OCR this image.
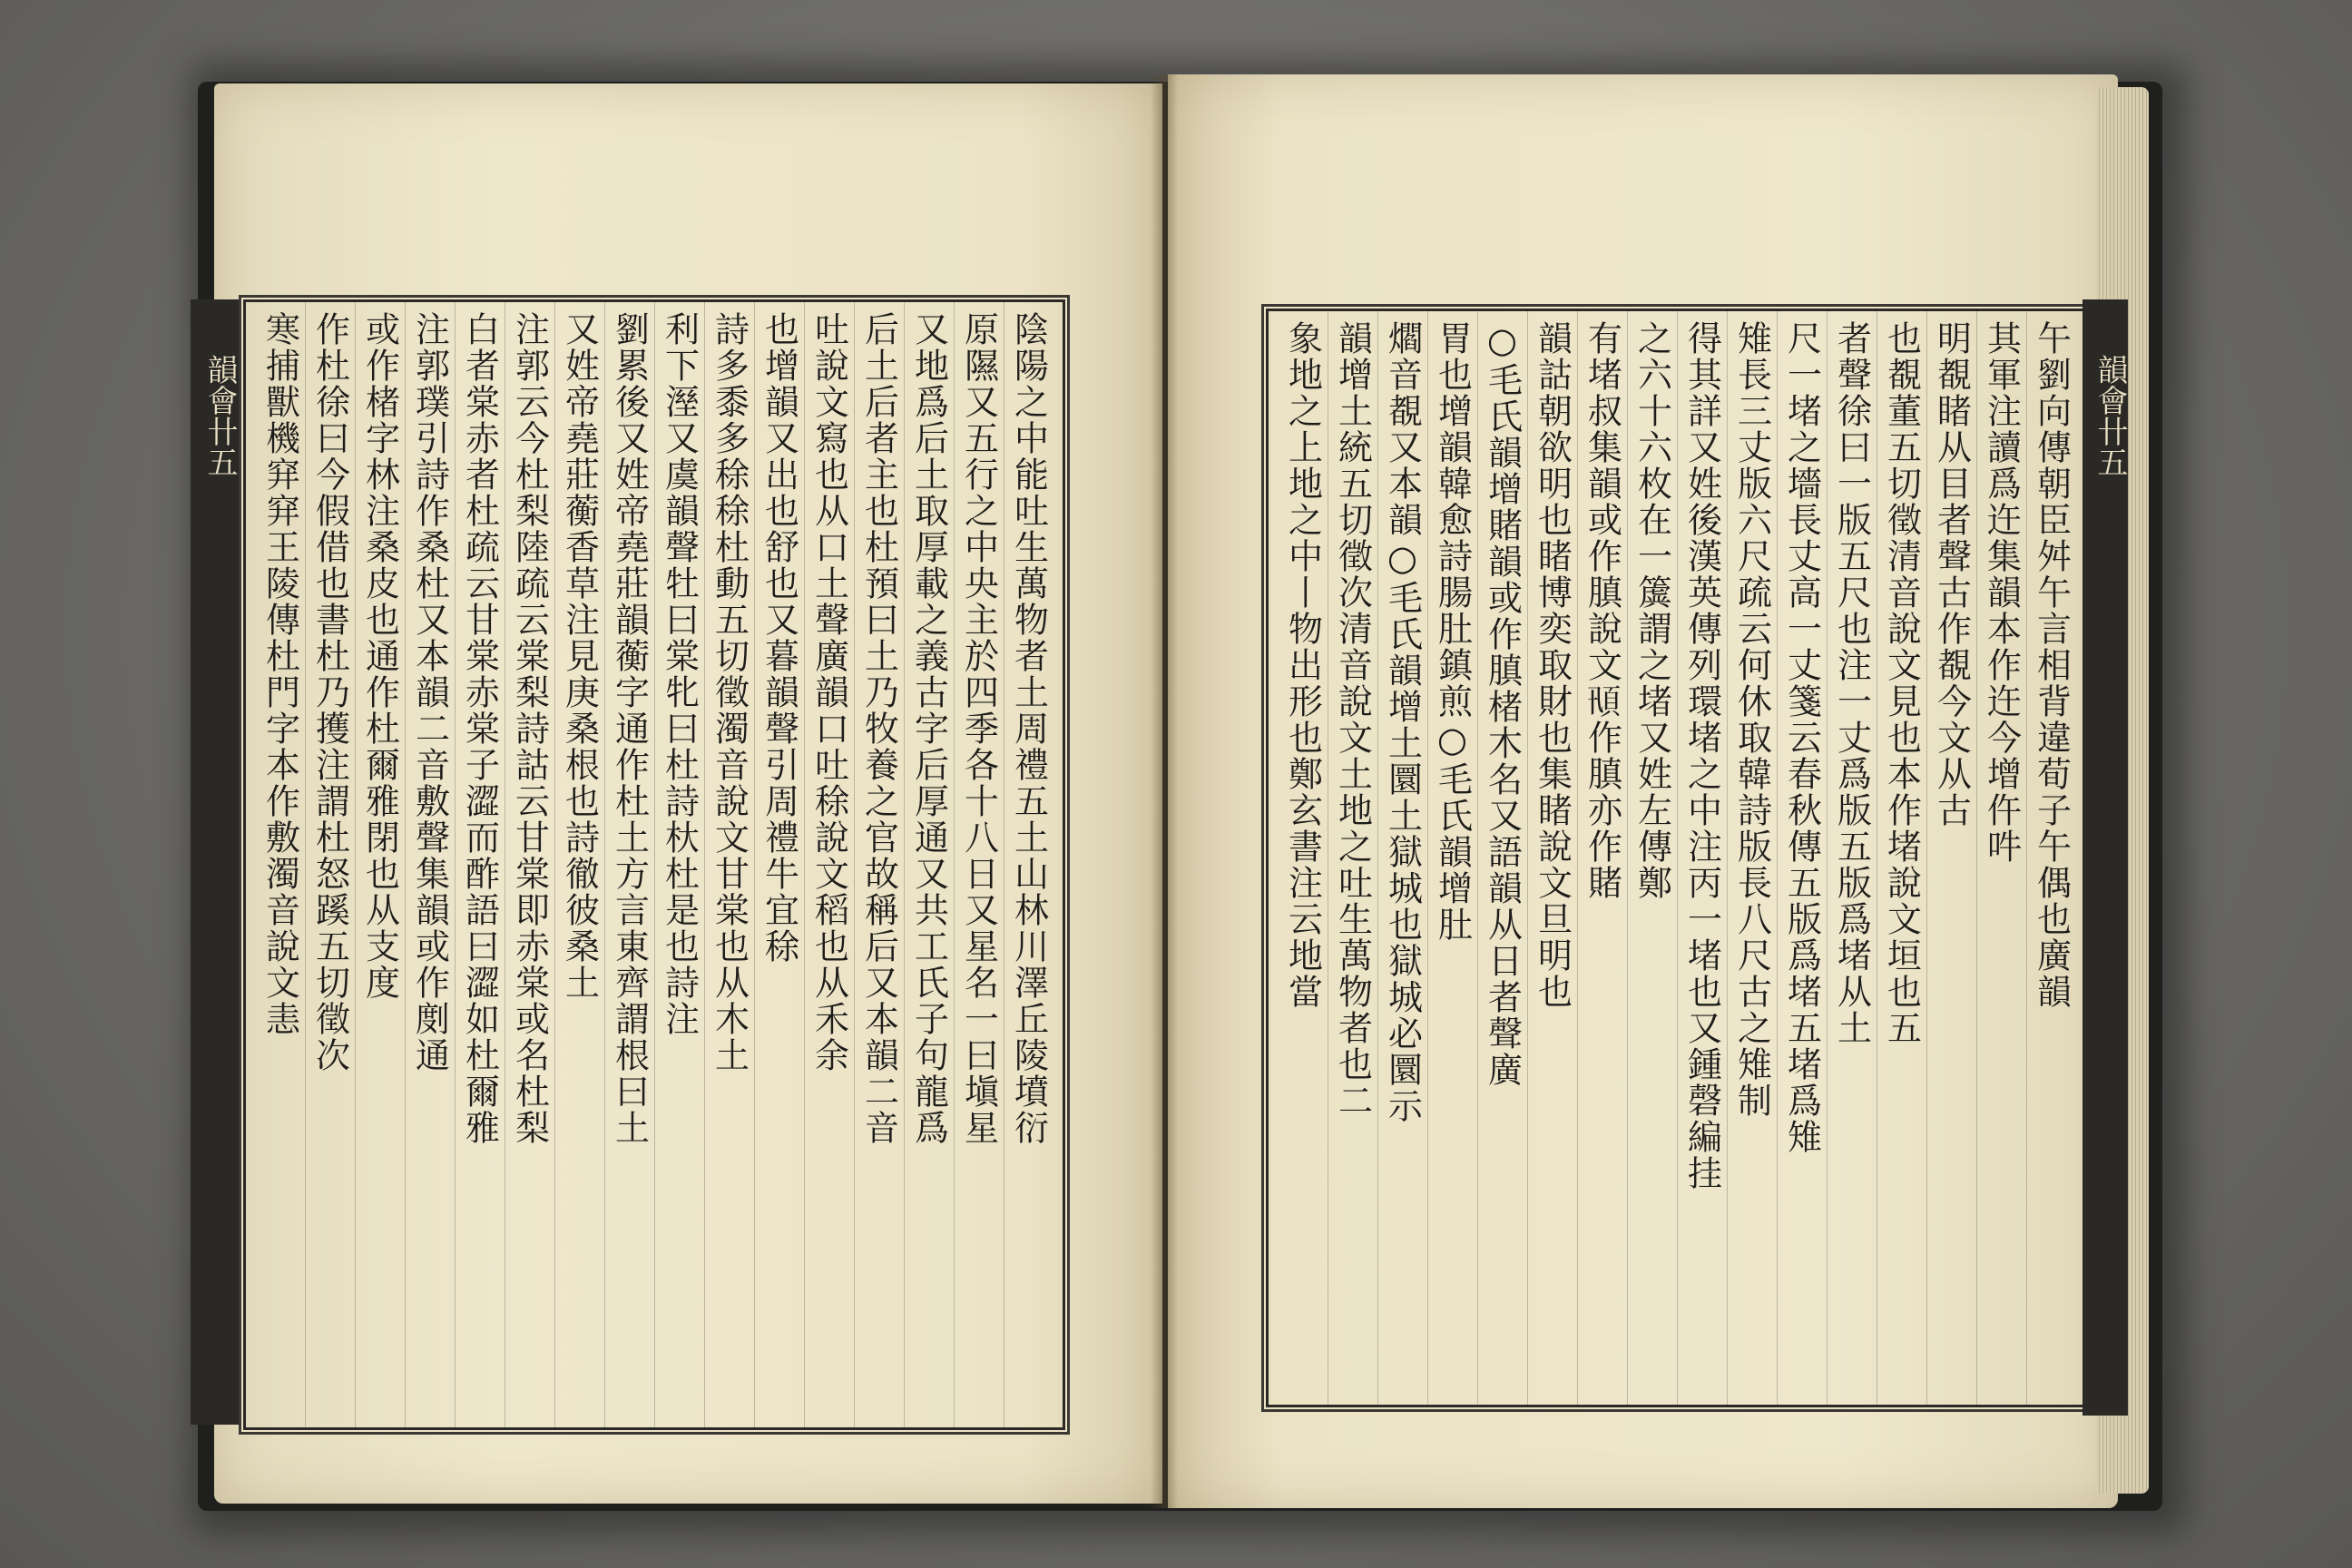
韻會卄五	陰陽之中能吐生萬物者土周禮五土山林川澤丘陵墳衍
原隰又五行之中央主於四季各十八日又星名一曰塡星
又地爲后土取厚載之義古字后厚通又共工氏子句龍爲
后土后者主也杜預曰土乃牧養之官故稱后又本韻二音
吐說文寫也从口土聲廣韻口吐稌說文稻也从禾余
也增韻又出也舒也又暮韻聲引周禮牛宜稌
詩多黍多稌稌杜動五切徵濁音說文甘棠也从木土
利下溼又虞韻聲牡曰棠牝曰杜詩杕杜是也詩注
劉累後又姓帝堯莊韻蘅字通作杜土方言東齊謂根曰土
又姓帝堯莊蘅香草注見庚桑根也詩徹彼桑土
注郭云今杜梨陸疏云棠梨詩詁云甘棠即赤棠或名杜梨
白者棠赤者杜疏云甘棠赤棠子澀而酢語曰澀如杜爾雅
注郭璞引詩作桑杜又本韻二音敷聲集韻或作剫通
或作楮字林注桑皮也通作杜爾雅閉也从支度
作杜徐曰今假借也書杜乃擭注謂杜怒蹊五切徵次
寒捕獸機穽穽王陵傳杜門字本作敷濁音說文恚	午劉向傳朝臣舛午言相背違荀子午偶也廣韻
其軍注讀爲迕集韻本作迕今增仵吽
明覩睹从目者聲古作覩今文从古
也覩董五切徵清音說文見也本作堵說文垣也五
者聲徐曰一版五尺也注一丈爲版五版爲堵从土
尺一堵之墻長丈高一丈箋云春秋傳五版爲堵五堵爲雉
雉長三丈版六尺疏云何休取韓詩版長八尺古之雉制
得其詳又姓後漢英傳列環堵之中注丙一堵也又鍾磬編挂
之六十六枚在一簴謂之堵又姓左傳鄭
有堵叔集韻或作䐜說文𩑓作䐜亦作賭
韻詁朝欲明也睹博奕取財也集睹說文旦明也
○毛氏韻增賭韻或作䐜楮木名又語韻从日者聲廣
胃也增韻韓愈詩腸肚鎮煎○毛氏韻增肚
爓音覩又本韻○毛氏韻增土圜土獄城也獄城必圜示
韻增土統五切徵次清音說文土地之吐生萬物者也二
象地之上地之中丨物出形也鄭玄書注云地當	韻會卄五
